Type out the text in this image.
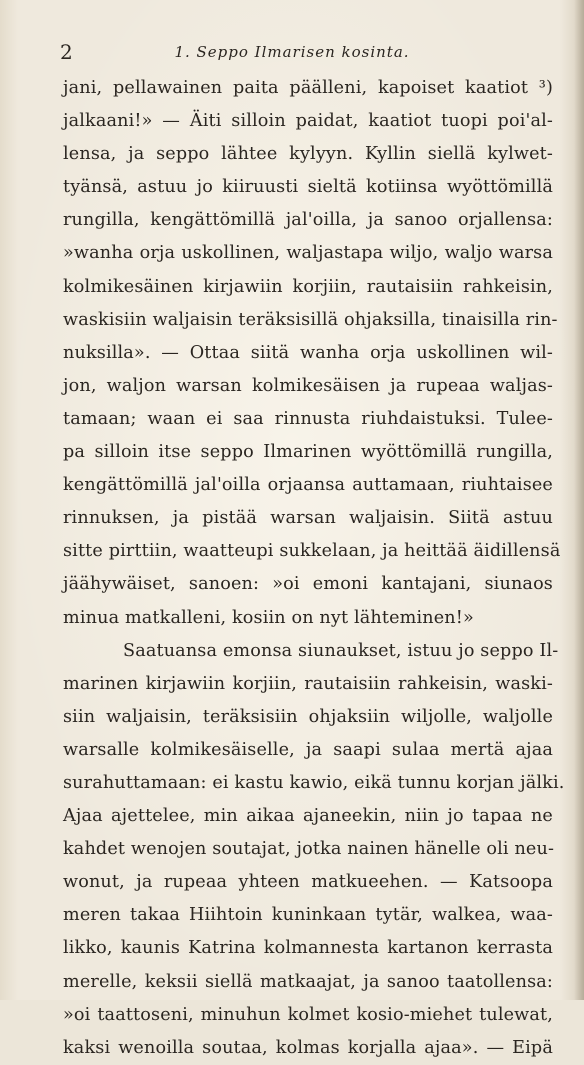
2	1. Seppo Ilmarisen kosinta.
jani, pellawainen paita päälleni, kapoiset kaatiot ³)
jalkaani!» — Äiti silloin paidat, kaatiot tuopi poi'al-
lensa, ja seppo lähtee kylyyn. Kyllin siellä kylwet-
tyänsä, astuu jo kiiruusti sieltä kotiinsa wyöttömillä
rungilla, kengättömillä jal'oilla, ja sanoo orjallensa:
»wanha orja uskollinen, waljastapa wiljo, waljo warsa
kolmikesäinen kirjawiin korjiin, rautaisiin rahkeisin,
waskisiin waljaisin teräksisillä ohjaksilla, tinaisilla rin-
nuksilla». — Ottaa siitä wanha orja uskollinen wil-
jon, waljon warsan kolmikesäisen ja rupeaa waljas-
tamaan; waan ei saa rinnusta riuhdaistuksi. Tulee-
pa silloin itse seppo Ilmarinen wyöttömillä rungilla,
kengättömillä jal'oilla orjaansa auttamaan, riuhtaisee
rinnuksen, ja pistää warsan waljaisin. Siitä astuu
sitte pirttiin, waatteupi sukkelaan, ja heittää äidillensä
jäähywäiset, sanoen: »oi emoni kantajani, siunaos
minua matkalleni, kosiin on nyt lähteminen!»
Saatuansa emonsa siunaukset, istuu jo seppo Il-
marinen kirjawiin korjiin, rautaisiin rahkeisin, waski-
siin waljaisin, teräksisiin ohjaksiin wiljolle, waljolle
warsalle kolmikesäiselle, ja saapi sulaa mertä ajaa
surahuttamaan: ei kastu kawio, eikä tunnu korjan jälki.
Ajaa ajettelee, min aikaa ajaneekin, niin jo tapaa ne
kahdet wenojen soutajat, jotka nainen hänelle oli neu-
wonut, ja rupeaa yhteen matkueehen. — Katsoopa
meren takaa Hiihtoin kuninkaan tytär, walkea, waa-
likko, kaunis Katrina kolmannesta kartanon kerrasta
merelle, keksii siellä matkaajat, ja sanoo taatollensa:
»oi taattoseni, minuhun kolmet kosio-miehet tulewat,
kaksi wenoilla soutaa, kolmas korjalla ajaa». — Eipä
